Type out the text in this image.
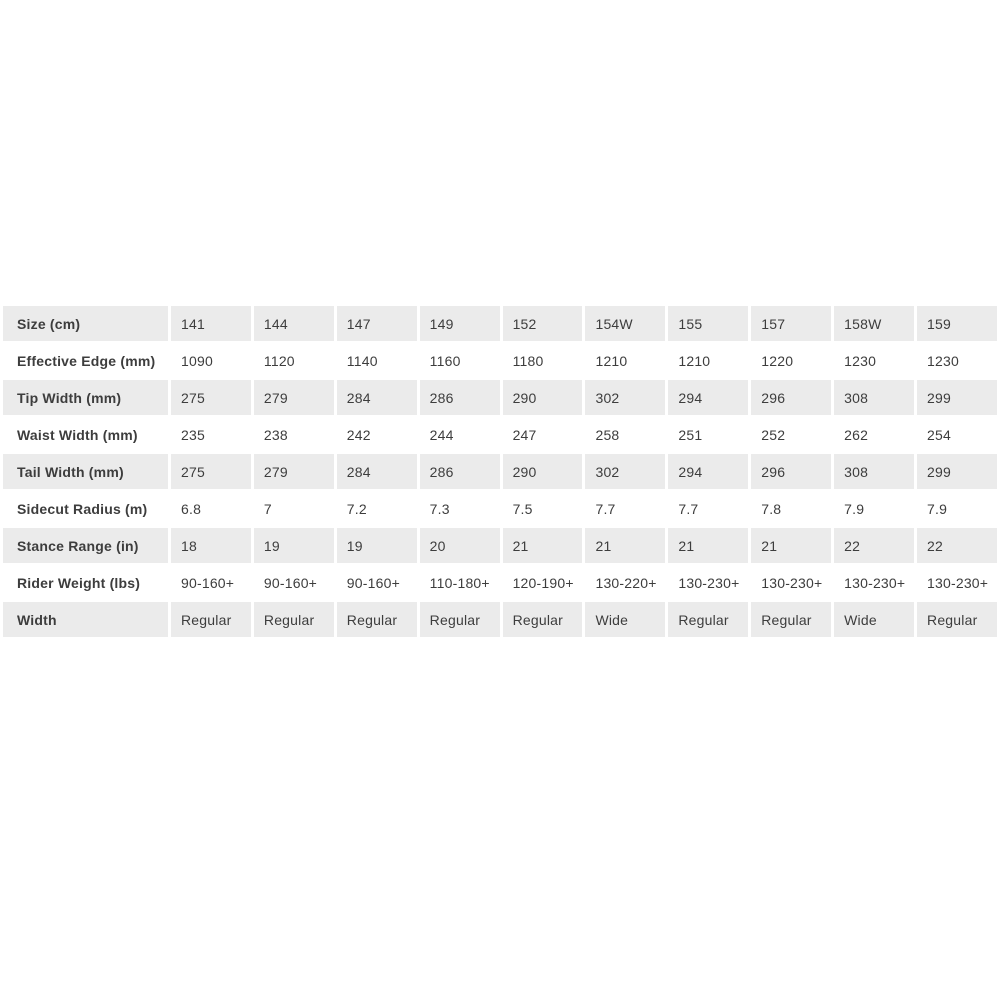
Size (cm)	141	144	147	149	152	154W	155	157	158W	159
Effective Edge (mm)	1090	1120	1140	1160	1180	1210	1210	1220	1230	1230
Tip Width (mm)	275	279	284	286	290	302	294	296	308	299
Waist Width (mm)	235	238	242	244	247	258	251	252	262	254
Tail Width (mm)	275	279	284	286	290	302	294	296	308	299
Sidecut Radius (m)	6.8	7	7.2	7.3	7.5	7.7	7.7	7.8	7.9	7.9
Stance Range (in)	18	19	19	20	21	21	21	21	22	22
Rider Weight (lbs)	90-160+	90-160+	90-160+	110-180+	120-190+	130-220+	130-230+	130-230+	130-230+	130-230+
Width	Regular	Regular	Regular	Regular	Regular	Wide	Regular	Regular	Wide	Regular
